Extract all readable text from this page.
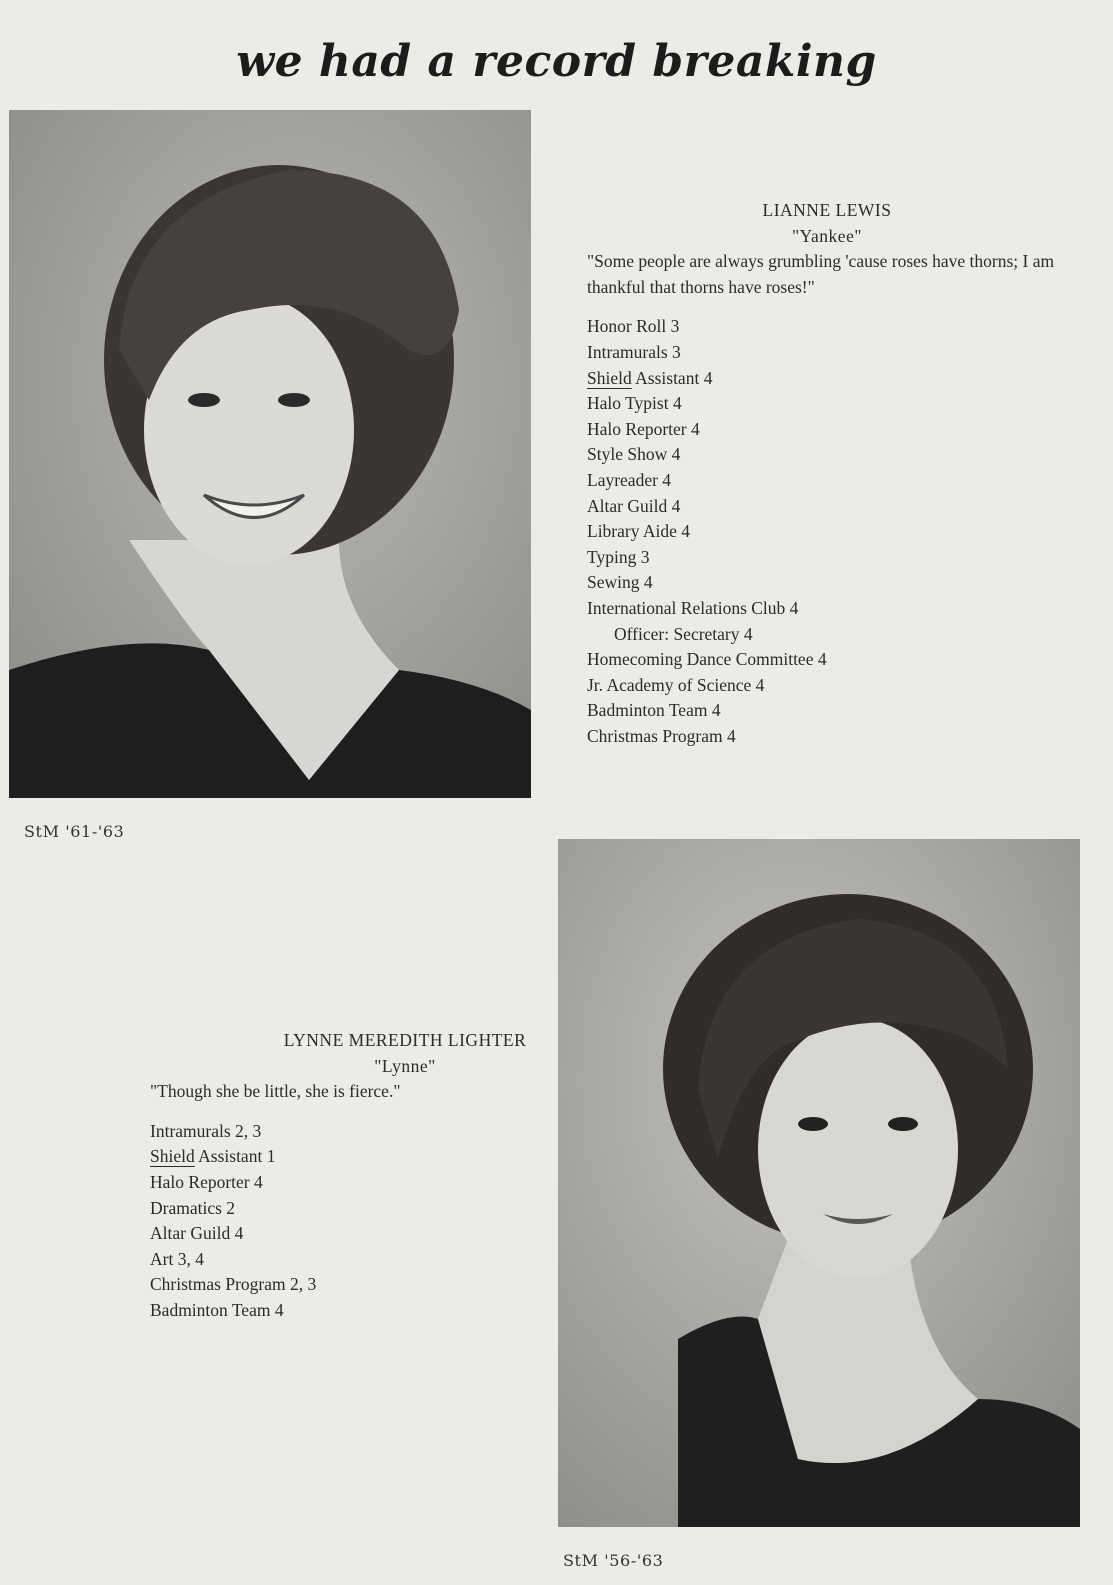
we had a record breaking
StM '61-'63
LIANNE LEWIS
"Yankee"
"Some people are always grumbling 'cause roses have thorns; I am thankful that thorns have roses!"
Honor Roll 3
Intramurals 3
Shield Assistant 4
Halo Typist 4
Halo Reporter 4
Style Show 4
Layreader 4
Altar Guild 4
Library Aide 4
Typing 3
Sewing 4
International Relations Club 4
Officer: Secretary 4
Homecoming Dance Committee 4
Jr. Academy of Science 4
Badminton Team 4
Christmas Program 4
StM '56-'63
LYNNE MEREDITH LIGHTER
"Lynne"
"Though she be little, she is fierce."
Intramurals 2, 3
Shield Assistant 1
Halo Reporter 4
Dramatics 2
Altar Guild 4
Art 3, 4
Christmas Program 2, 3
Badminton Team 4
